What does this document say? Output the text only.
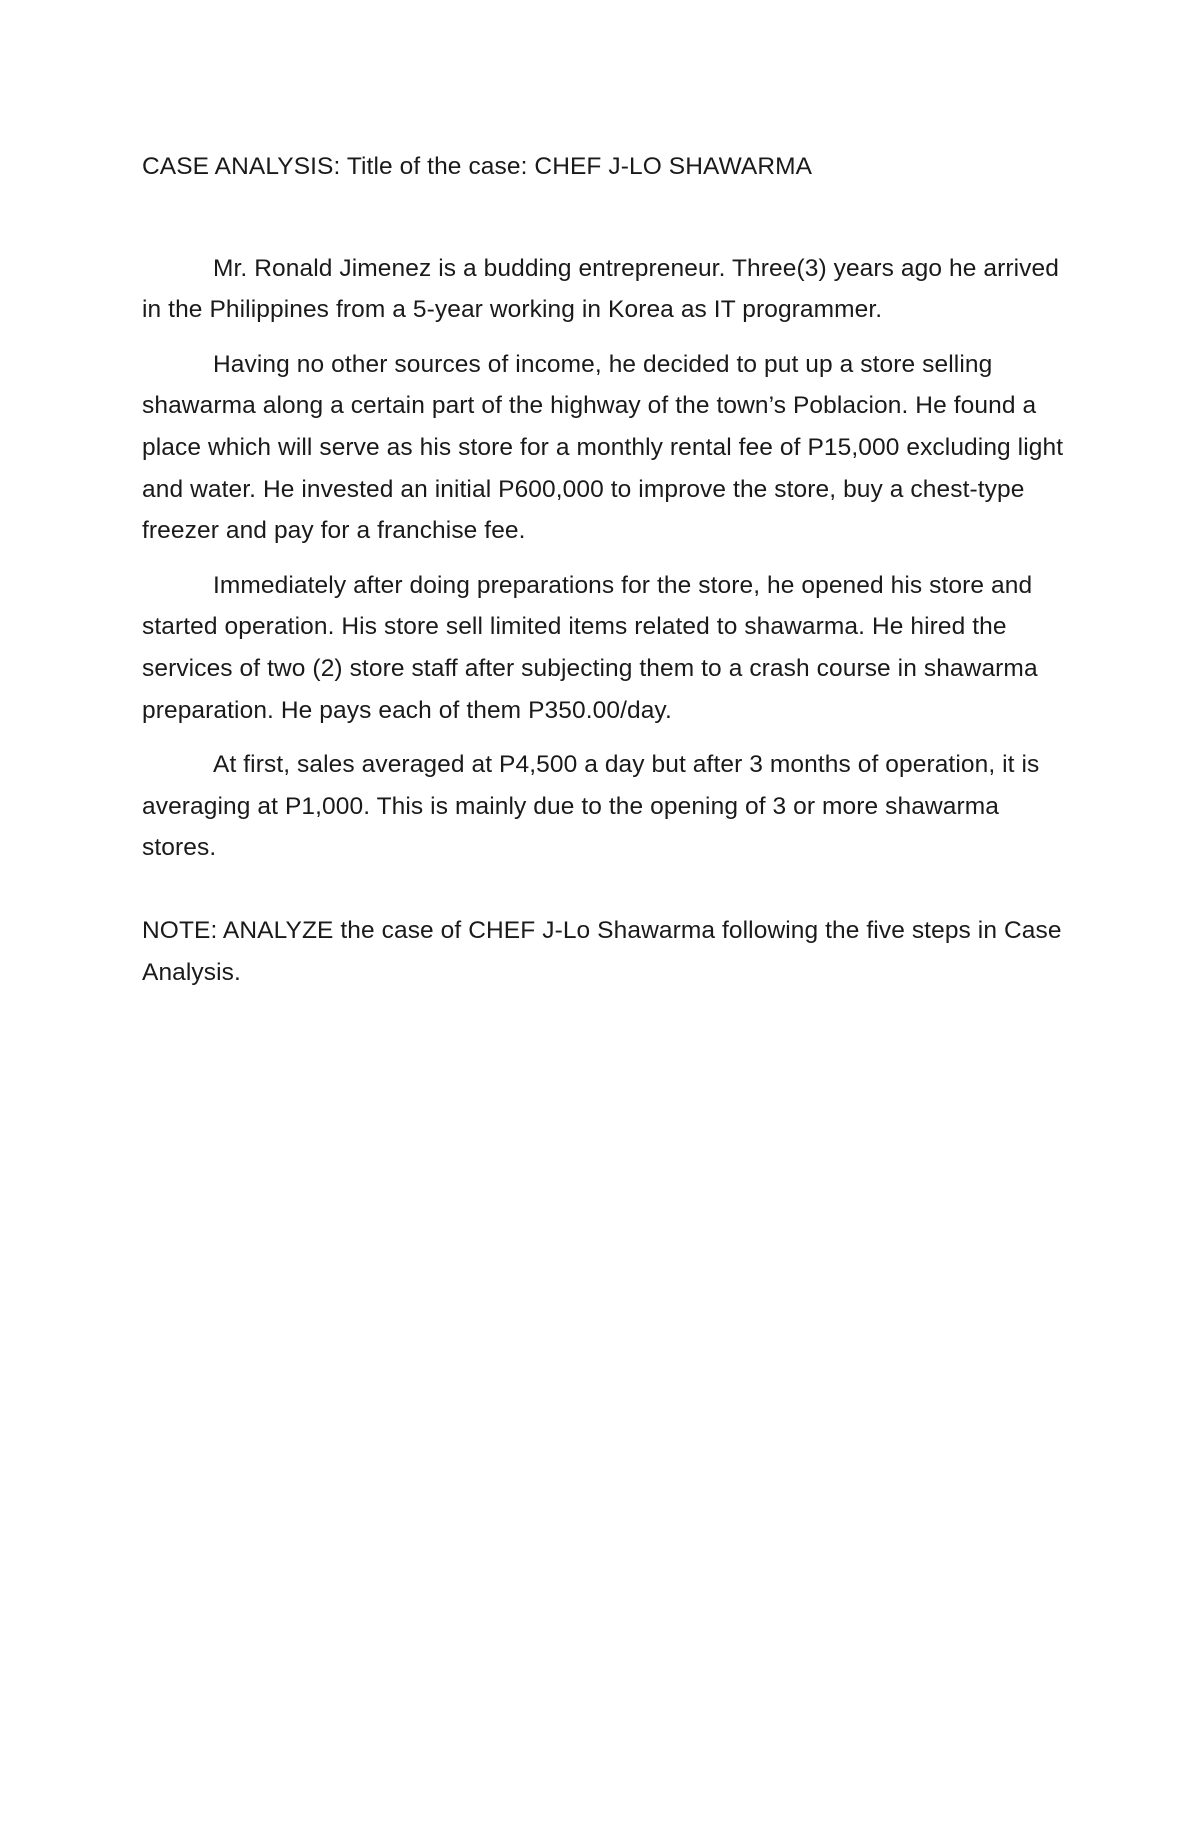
CASE ANALYSIS: Title of the case: CHEF J-LO SHAWARMA

Mr. Ronald Jimenez is a budding entrepreneur. Three(3) years ago he arrived in the Philippines from a 5-year working in Korea as IT programmer.

Having no other sources of income, he decided to put up a store selling shawarma along a certain part of the highway of the town’s Poblacion. He found a place which will serve as his store for a monthly rental fee of P15,000 excluding light and water. He invested an initial P600,000 to improve the store, buy a chest-type freezer and pay for a franchise fee.

Immediately after doing preparations for the store, he opened his store and started operation. His store sell limited items related to shawarma. He hired the services of two (2) store staff after subjecting them to a crash course in shawarma preparation. He pays each of them P350.00/day.

At first, sales averaged at P4,500 a day but after 3 months of operation, it is averaging at P1,000. This is mainly due to the opening of 3 or more shawarma stores.

NOTE: ANALYZE the case of CHEF J-Lo Shawarma following the five steps in Case Analysis.
